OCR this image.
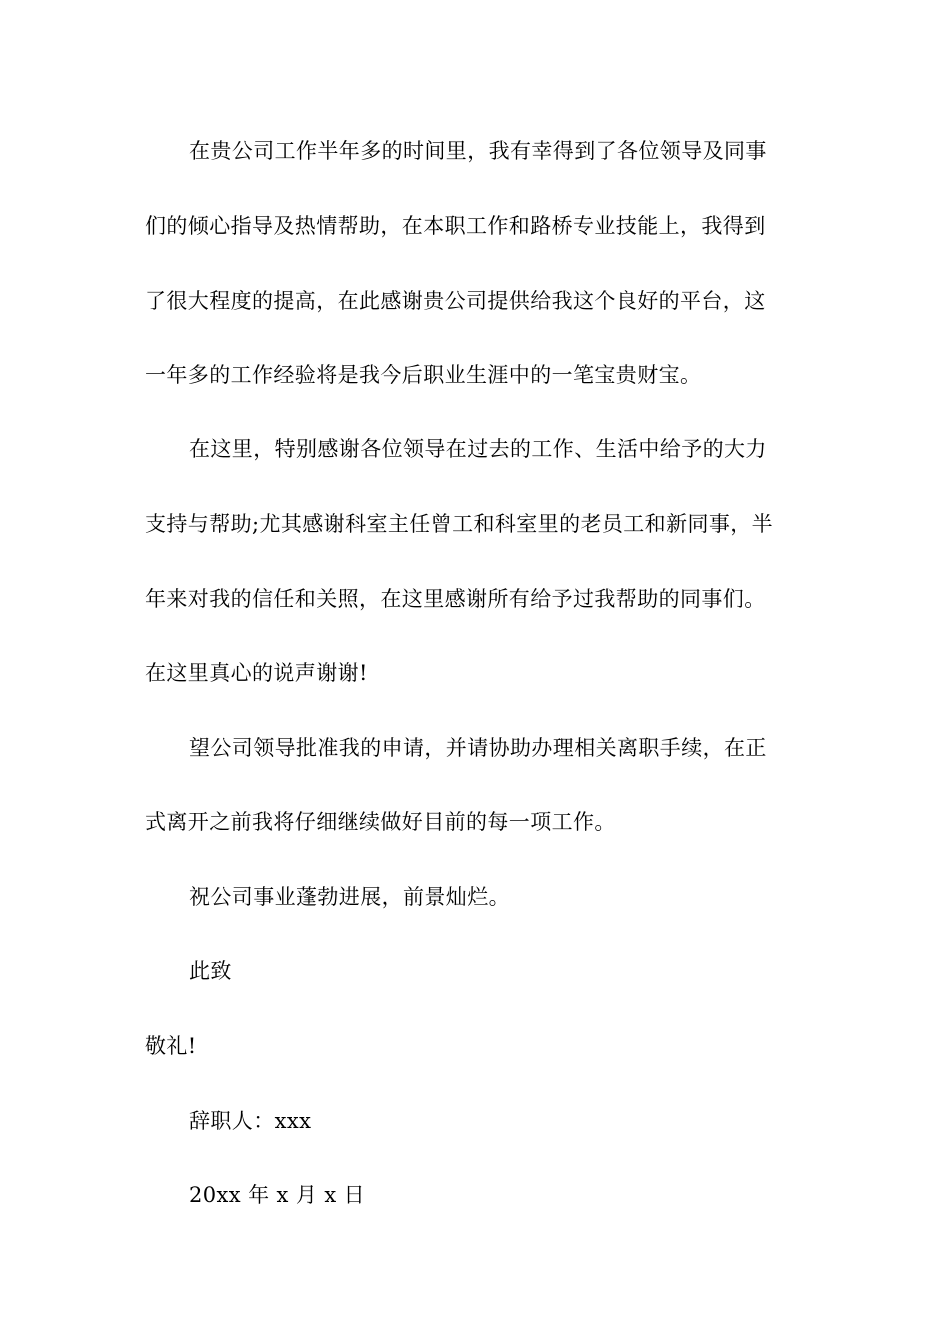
在贵公司工作半年多的时间里，我有幸得到了各位领导及同事
们的倾心指导及热情帮助，在本职工作和路桥专业技能上，我得到
了很大程度的提高，在此感谢贵公司提供给我这个良好的平台，这
一年多的工作经验将是我今后职业生涯中的一笔宝贵财宝。
在这里，特别感谢各位领导在过去的工作、生活中给予的大力
支持与帮助;尤其感谢科室主任曾工和科室里的老员工和新同事，半
年来对我的信任和关照，在这里感谢所有给予过我帮助的同事们。
在这里真心的说声谢谢!
望公司领导批准我的申请，并请协助办理相关离职手续，在正
式离开之前我将仔细继续做好目前的每一项工作。
祝公司事业蓬勃进展，前景灿烂。
此致
敬礼!
辞职人：xxx
20xx 年 x 月 x 日
